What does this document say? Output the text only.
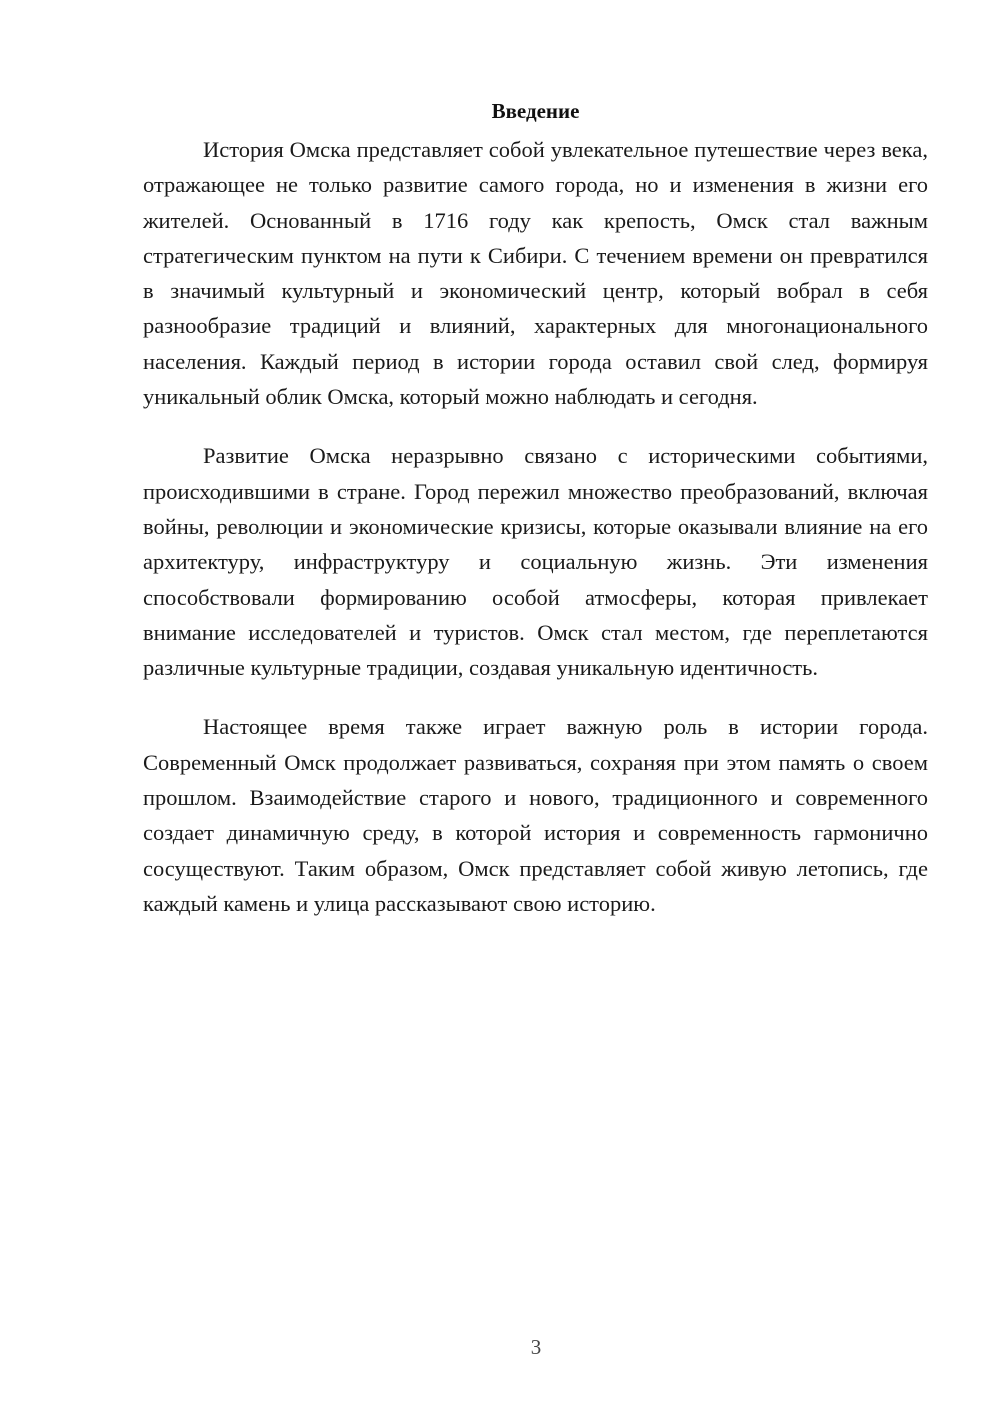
Введение

История Омска представляет собой увлекательное путешествие через века, отражающее не только развитие самого города, но и изменения в жизни его жителей. Основанный в 1716 году как крепость, Омск стал важным стратегическим пунктом на пути к Сибири. С течением времени он превратился в значимый культурный и экономический центр, который вобрал в себя разнообразие традиций и влияний, характерных для многонационального населения. Каждый период в истории города оставил свой след, формируя уникальный облик Омска, который можно наблюдать и сегодня.

Развитие Омска неразрывно связано с историческими событиями, происходившими в стране. Город пережил множество преобразований, включая войны, революции и экономические кризисы, которые оказывали влияние на его архитектуру, инфраструктуру и социальную жизнь. Эти изменения способствовали формированию особой атмосферы, которая привлекает внимание исследователей и туристов. Омск стал местом, где переплетаются различные культурные традиции, создавая уникальную идентичность.

Настоящее время также играет важную роль в истории города. Современный Омск продолжает развиваться, сохраняя при этом память о своем прошлом. Взаимодействие старого и нового, традиционного и современного создает динамичную среду, в которой история и современность гармонично сосуществуют. Таким образом, Омск представляет собой живую летопись, где каждый камень и улица рассказывают свою историю.

3
